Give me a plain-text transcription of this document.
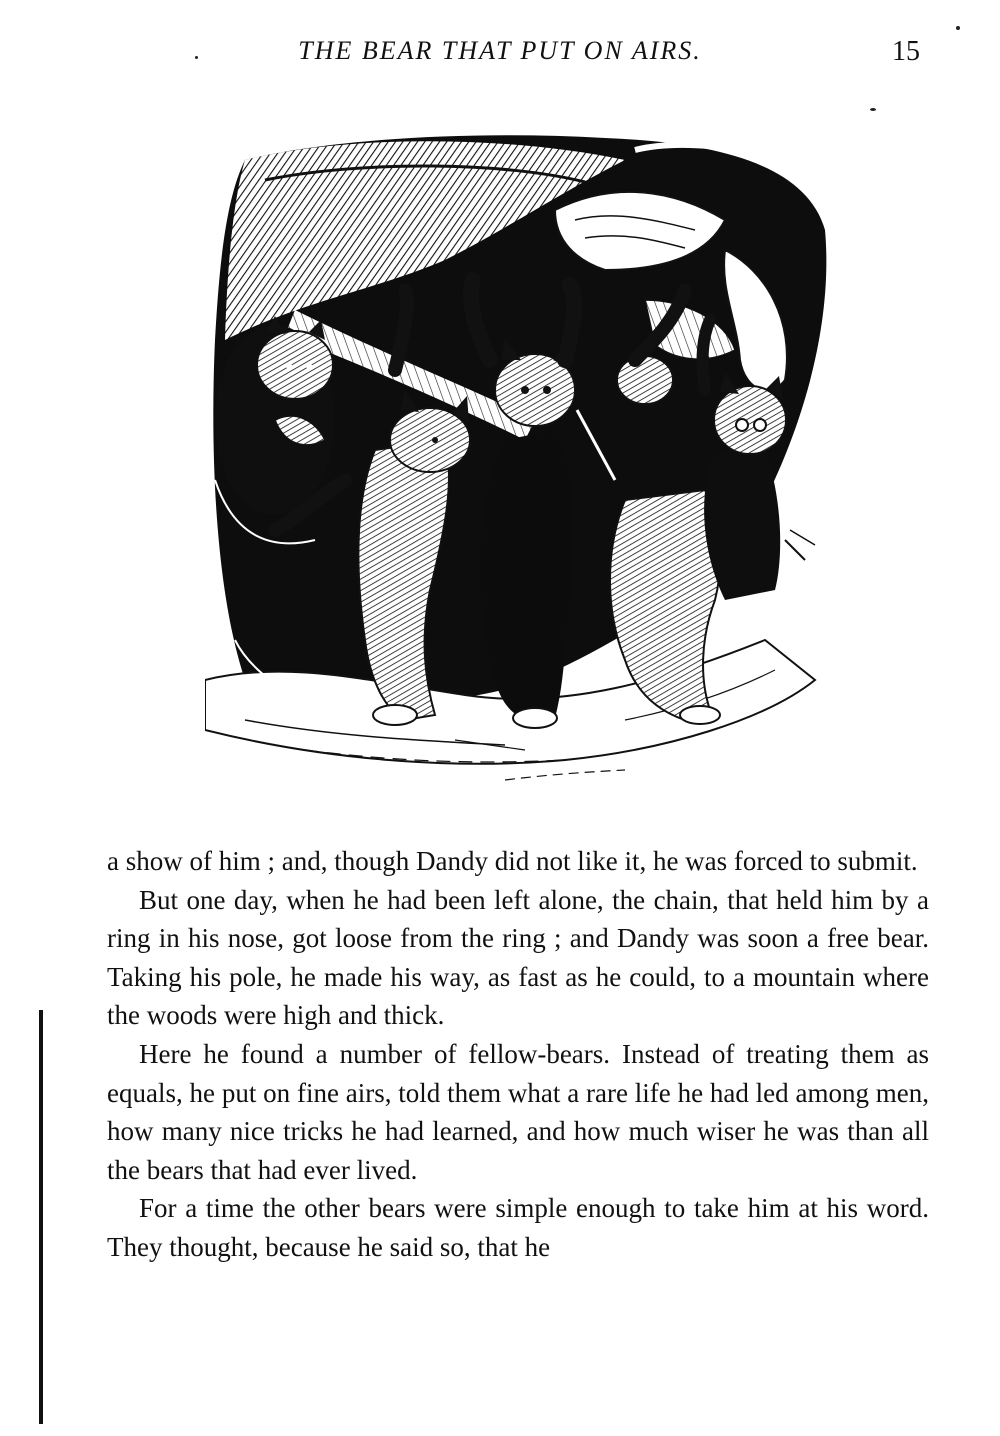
THE BEAR THAT PUT ON AIRS.	15

a show of him ; and, though Dandy did not like it, he was forced to submit.

But one day, when he had been left alone, the chain, that held him by a ring in his nose, got loose from the ring ; and Dandy was soon a free bear. Taking his pole, he made his way, as fast as he could, to a mountain where the woods were high and thick.

Here he found a number of fellow-bears. Instead of treating them as equals, he put on fine airs, told them what a rare life he had led among men, how many nice tricks he had learned, and how much wiser he was than all the bears that had ever lived.

For a time the other bears were simple enough to take him at his word. They thought, because he said so, that he
